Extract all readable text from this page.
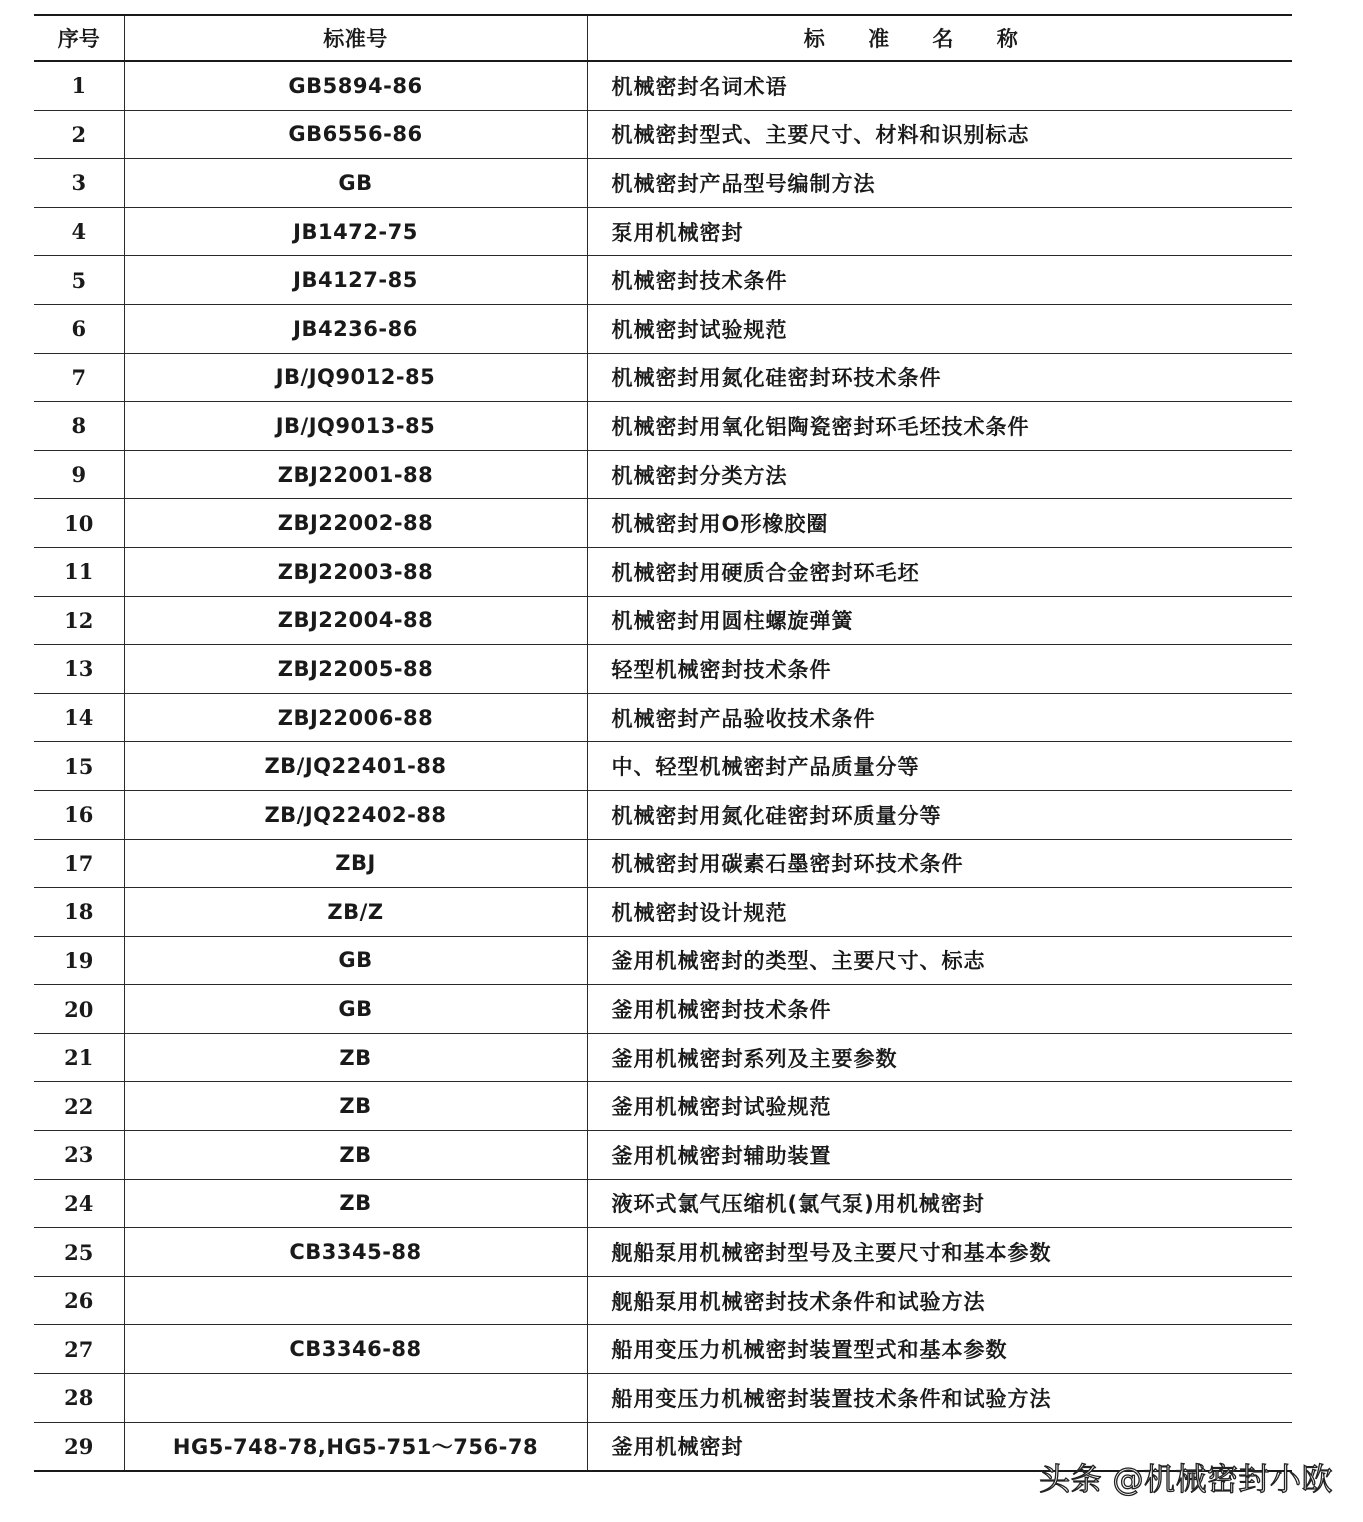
序号	标准号	标 准 名 称
1	GB5894-86	机械密封名词术语
2	GB6556-86	机械密封型式、主要尺寸、材料和识别标志
3	GB	机械密封产品型号编制方法
4	JB1472-75	泵用机械密封
5	JB4127-85	机械密封技术条件
6	JB4236-86	机械密封试验规范
7	JB/JQ9012-85	机械密封用氮化硅密封环技术条件
8	JB/JQ9013-85	机械密封用氧化铝陶瓷密封环毛坯技术条件
9	ZBJ22001-88	机械密封分类方法
10	ZBJ22002-88	机械密封用O形橡胶圈
11	ZBJ22003-88	机械密封用硬质合金密封环毛坯
12	ZBJ22004-88	机械密封用圆柱螺旋弹簧
13	ZBJ22005-88	轻型机械密封技术条件
14	ZBJ22006-88	机械密封产品验收技术条件
15	ZB/JQ22401-88	中、轻型机械密封产品质量分等
16	ZB/JQ22402-88	机械密封用氮化硅密封环质量分等
17	ZBJ	机械密封用碳素石墨密封环技术条件
18	ZB/Z	机械密封设计规范
19	GB	釜用机械密封的类型、主要尺寸、标志
20	GB	釜用机械密封技术条件
21	ZB	釜用机械密封系列及主要参数
22	ZB	釜用机械密封试验规范
23	ZB	釜用机械密封辅助装置
24	ZB	液环式氯气压缩机(氯气泵)用机械密封
25	CB3345-88	舰船泵用机械密封型号及主要尺寸和基本参数
26		舰船泵用机械密封技术条件和试验方法
27	CB3346-88	船用变压力机械密封装置型式和基本参数
28		船用变压力机械密封装置技术条件和试验方法
29	HG5-748-78,HG5-751～756-78	釜用机械密封
头条 @机械密封小欧
